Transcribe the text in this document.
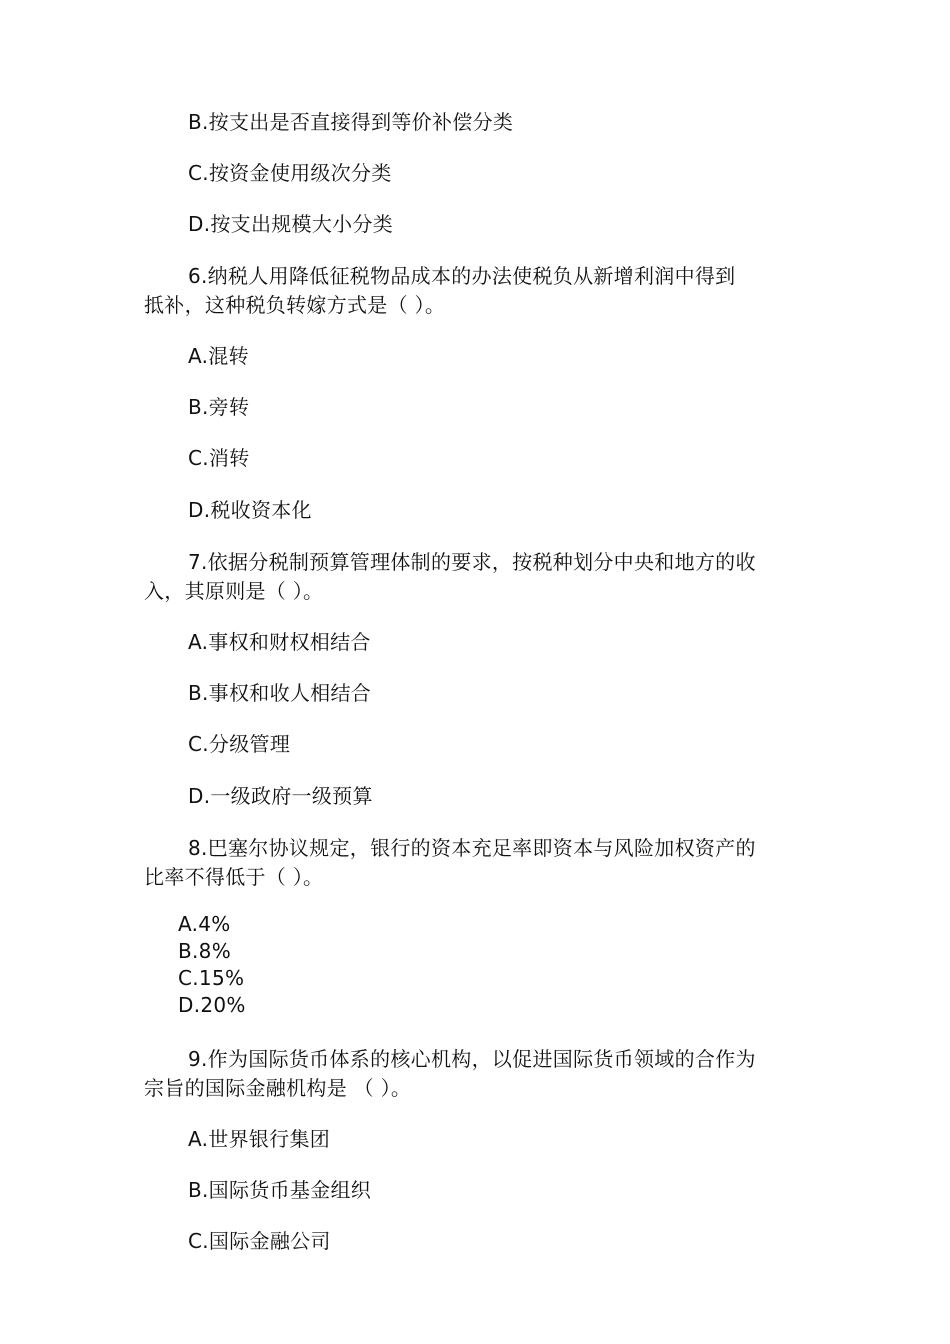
B.按支出是否直接得到等价补偿分类
C.按资金使用级次分类
D.按支出规模大小分类
6.纳税人用降低征税物品成本的办法使税负从新增利润中得到
抵补，这种税负转嫁方式是（ ）。
A.混转
B.旁转
C.消转
D.税收资本化
7.依据分税制预算管理体制的要求，按税种划分中央和地方的收
入，其原则是（ ）。
A.事权和财权相结合
B.事权和收人相结合
C.分级管理
D.一级政府一级预算
8.巴塞尔协议规定，银行的资本充足率即资本与风险加权资产的
比率不得低于（ ）。
A.4%
B.8%
C.15%
D.20%
9.作为国际货币体系的核心机构，以促进国际货币领域的合作为
宗旨的国际金融机构是 （ ）。
A.世界银行集团
B.国际货币基金组织
C.国际金融公司
